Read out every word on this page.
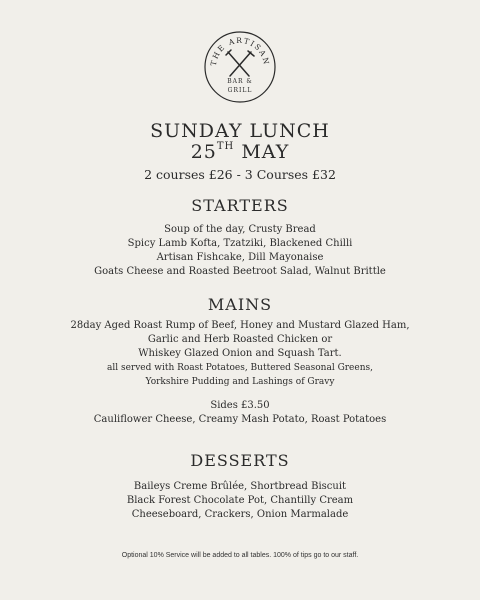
THE ARTISAN
BAR &
GRILL
SUNDAY LUNCH
25TH MAY
2 courses £26 - 3 Courses £32
STARTERS
Soup of the day, Crusty Bread
Spicy Lamb Kofta, Tzatziki, Blackened Chilli
Artisan Fishcake, Dill Mayonaise
Goats Cheese and Roasted Beetroot Salad, Walnut Brittle
MAINS
28day Aged Roast Rump of Beef, Honey and Mustard Glazed Ham,
Garlic and Herb Roasted Chicken or
Whiskey Glazed Onion and Squash Tart.
all served with Roast Potatoes, Buttered Seasonal Greens,
Yorkshire Pudding and Lashings of Gravy
Sides £3.50
Cauliflower Cheese, Creamy Mash Potato, Roast Potatoes
DESSERTS
Baileys Creme Brûlée, Shortbread Biscuit
Black Forest Chocolate Pot, Chantilly Cream
Cheeseboard, Crackers, Onion Marmalade
Optional 10% Service will be added to all tables. 100% of tips go to our staff.
